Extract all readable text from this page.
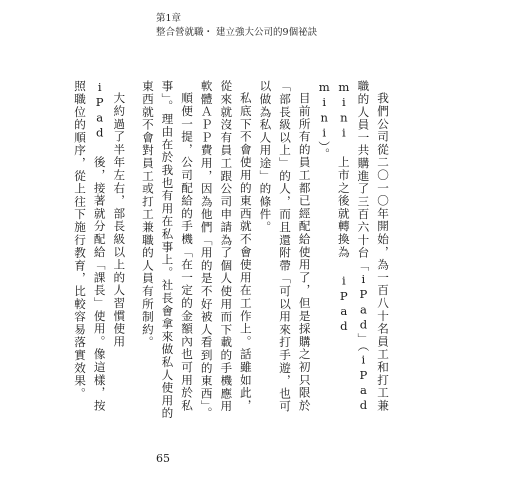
第1章
整合營就職・ 建立強大公司的9個祕訣

我們公司從二〇一〇年開始，為一百八十名員工和打工兼職的人員一共購進了三百六十台「iPad」（iPad mini 上市之後就轉換為 iPad mini）。

目前所有的員工都已經配給使用了，但是採購之初只限於「部長級以上」的人，而且還附帶「可以用來打手遊，也可以做為私人用途」的條件。

私底下不會使用的東西就不會使用在工作上。話雖如此，從來就沒有員工跟公司申請為了個人使用而下載的手機應用軟體ＡＰＰ費用，因為他們「用的是不好被人看到的東西」。

順便一提，公司配給的手機「在一定的金額內也可用於私事」。理由在於我也有用在私事上。社長會拿來做私人使用的東西就不會對員工或打工兼職的人員有所制約。

大約過了半年左右，部長級以上的人習慣使用 iPad 後，接著就分配給「課長」使用。像這樣，按照職位的順序，從上往下施行教育，比較容易落實效果。

65
